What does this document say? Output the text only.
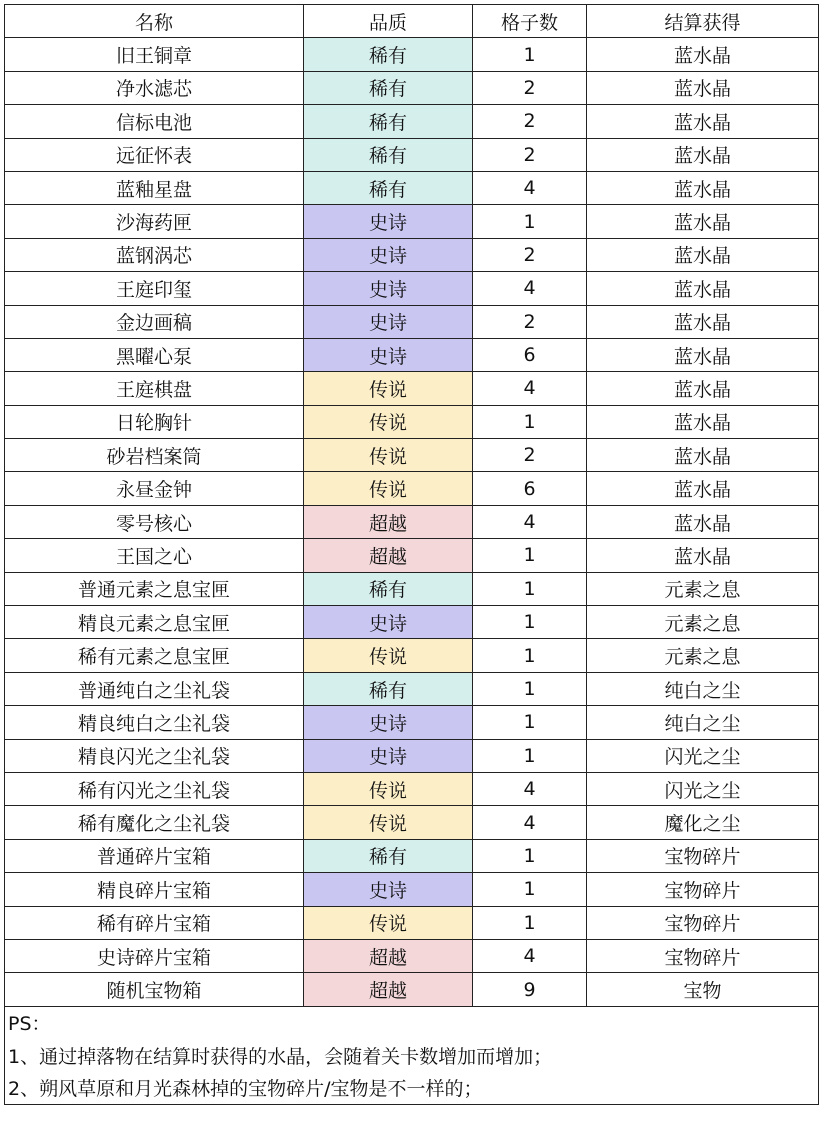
名称	品质	格子数	结算获得
旧王铜章	稀有	1	蓝水晶
净水滤芯	稀有	2	蓝水晶
信标电池	稀有	2	蓝水晶
远征怀表	稀有	2	蓝水晶
蓝釉星盘	稀有	4	蓝水晶
沙海药匣	史诗	1	蓝水晶
蓝钢涡芯	史诗	2	蓝水晶
王庭印玺	史诗	4	蓝水晶
金边画稿	史诗	2	蓝水晶
黑曜心泵	史诗	6	蓝水晶
王庭棋盘	传说	4	蓝水晶
日轮胸针	传说	1	蓝水晶
砂岩档案筒	传说	2	蓝水晶
永昼金钟	传说	6	蓝水晶
零号核心	超越	4	蓝水晶
王国之心	超越	1	蓝水晶
普通元素之息宝匣	稀有	1	元素之息
精良元素之息宝匣	史诗	1	元素之息
稀有元素之息宝匣	传说	1	元素之息
普通纯白之尘礼袋	稀有	1	纯白之尘
精良纯白之尘礼袋	史诗	1	纯白之尘
精良闪光之尘礼袋	史诗	1	闪光之尘
稀有闪光之尘礼袋	传说	4	闪光之尘
稀有魔化之尘礼袋	传说	4	魔化之尘
普通碎片宝箱	稀有	1	宝物碎片
精良碎片宝箱	史诗	1	宝物碎片
稀有碎片宝箱	传说	1	宝物碎片
史诗碎片宝箱	超越	4	宝物碎片
随机宝物箱	超越	9	宝物
PS：			
1、通过掉落物在结算时获得的水晶，会随着关卡数增加而增加；			
2、朔风草原和月光森林掉的宝物碎片/宝物是不一样的；			
